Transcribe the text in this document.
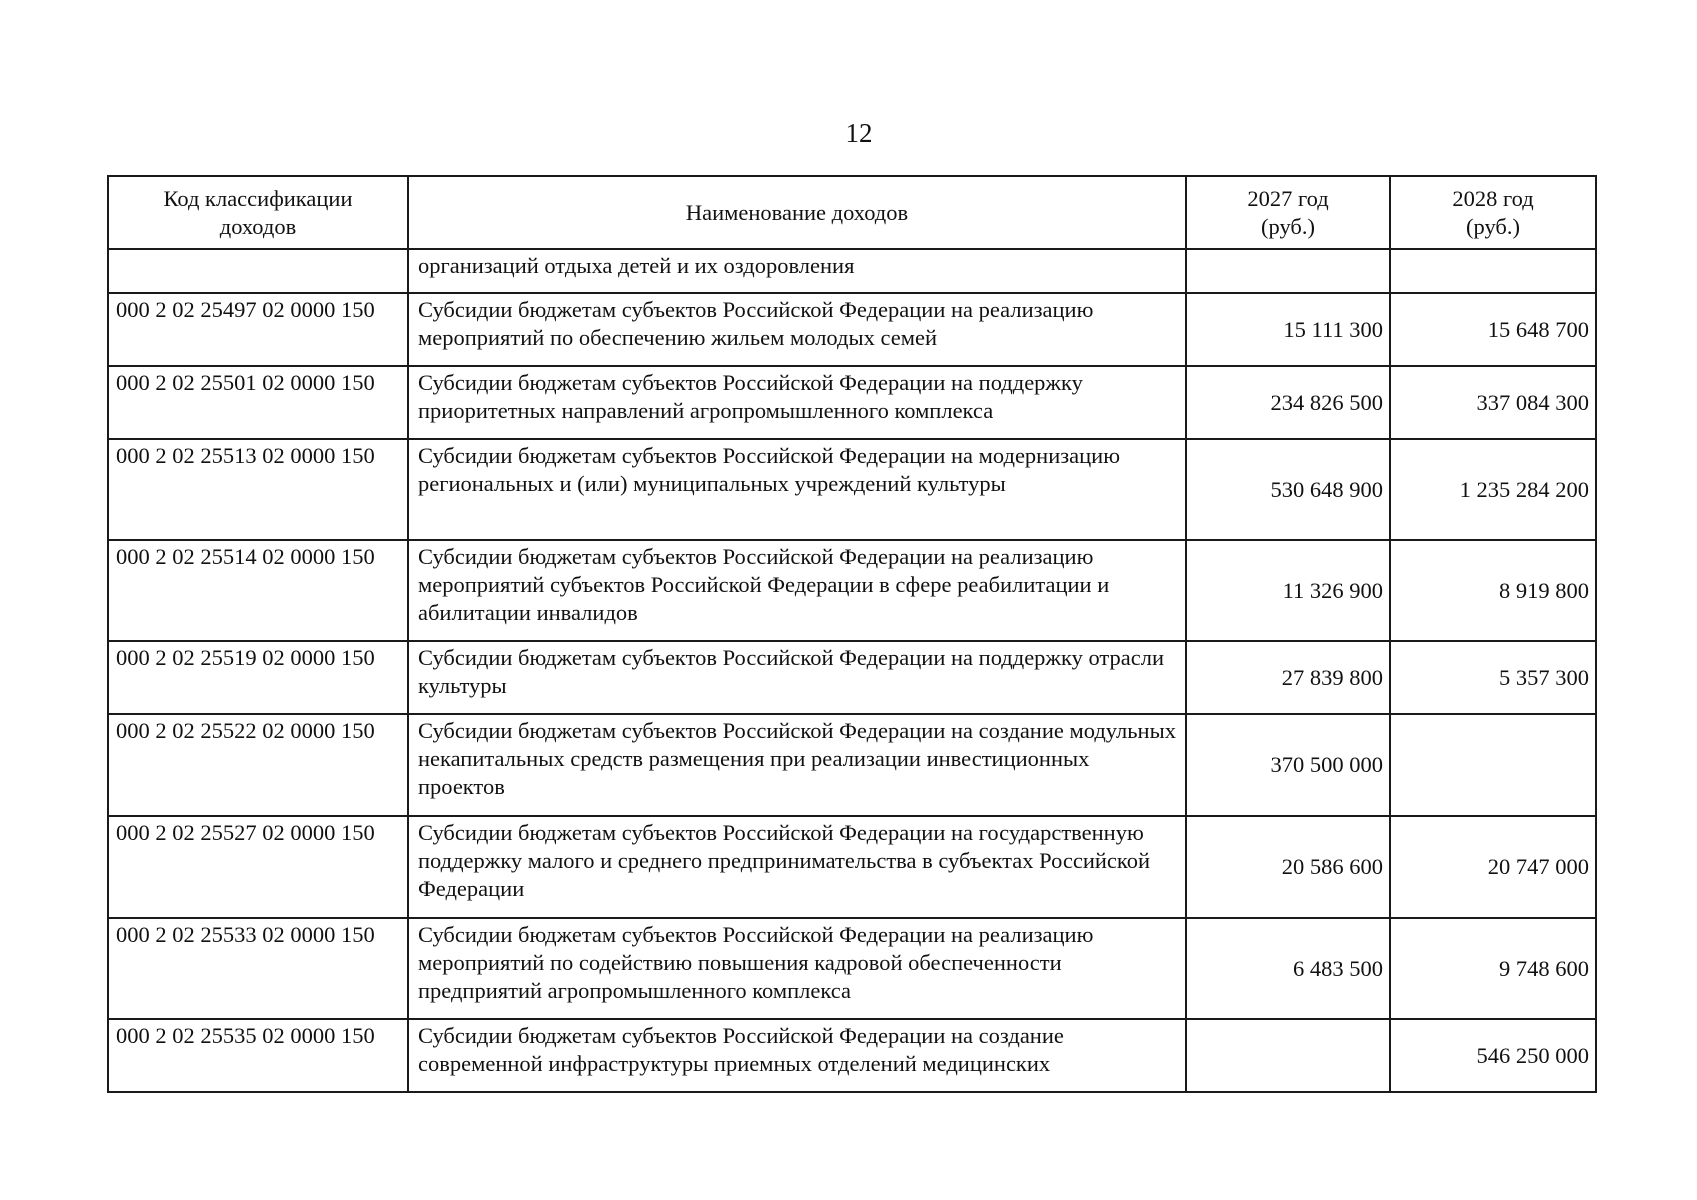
12
Код классификации доходов	Наименование доходов	2027 год (руб.)	2028 год (руб.)
	организаций отдыха детей и их оздоровления		
000 2 02 25497 02 0000 150	Субсидии бюджетам субъектов Российской Федерации на реализацию мероприятий по обеспечению жильем молодых семей	15 111 300	15 648 700
000 2 02 25501 02 0000 150	Субсидии бюджетам субъектов Российской Федерации на поддержку приоритетных направлений агропромышленного комплекса	234 826 500	337 084 300
000 2 02 25513 02 0000 150	Субсидии бюджетам субъектов Российской Федерации на модернизацию региональных и (или) муниципальных учреждений культуры	530 648 900	1 235 284 200
000 2 02 25514 02 0000 150	Субсидии бюджетам субъектов Российской Федерации на реализацию мероприятий субъектов Российской Федерации в сфере реабилитации и абилитации инвалидов	11 326 900	8 919 800
000 2 02 25519 02 0000 150	Субсидии бюджетам субъектов Российской Федерации на поддержку отрасли культуры	27 839 800	5 357 300
000 2 02 25522 02 0000 150	Субсидии бюджетам субъектов Российской Федерации на создание модульных некапитальных средств размещения при реализации инвестиционных проектов	370 500 000	
000 2 02 25527 02 0000 150	Субсидии бюджетам субъектов Российской Федерации на государственную поддержку малого и среднего предпринимательства в субъектах Российской Федерации	20 586 600	20 747 000
000 2 02 25533 02 0000 150	Субсидии бюджетам субъектов Российской Федерации на реализацию мероприятий по содействию повышения кадровой обеспеченности предприятий агропромышленного комплекса	6 483 500	9 748 600
000 2 02 25535 02 0000 150	Субсидии бюджетам субъектов Российской Федерации на создание современной инфраструктуры приемных отделений медицинских		546 250 000
